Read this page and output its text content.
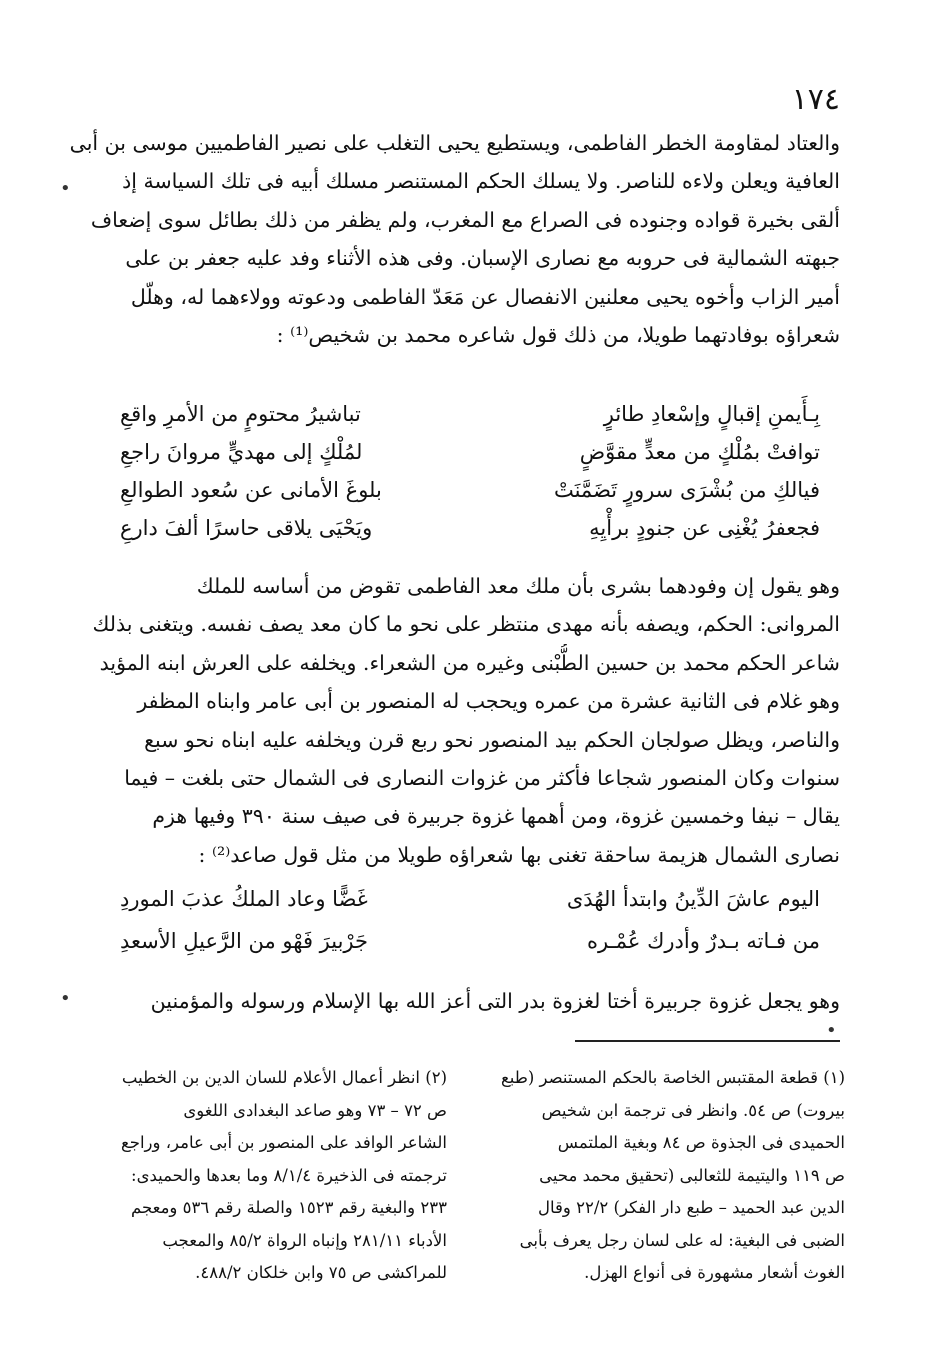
١٧٤
والعتاد لمقاومة الخطر الفاطمى، ويستطيع يحيى التغلب على نصير الفاطميين موسى بن أبى
العافية ويعلن ولاءه للناصر. ولا يسلك الحكم المستنصر مسلك أبيه فى تلك السياسة إذ
ألقى بخيرة قواده وجنوده فى الصراع مع المغرب، ولم يظفر من ذلك بطائل سوى إضعاف
جبهته الشمالية فى حروبه مع نصارى الإسبان. وفى هذه الأثناء وفد عليه جعفر بن على
أمير الزاب وأخوه يحيى معلنين الانفصال عن مَعَدّ الفاطمى ودعوته وولاءهما له، وهلّل
شعراؤه بوفادتهما طويلا، من ذلك قول شاعره محمد بن شخيص⁽¹⁾ :
بِـأَيمنِ إقبالٍ وإسْعادِ طائرٍ
تباشيرُ محتومٍ من الأمرِ واقعِ
توافتْ بمُلْكٍ من معدٍّ مقوَّضٍ
لمُلْكٍ إلى مهديٍّ مروانَ راجعِ
فيالكِ من بُشْرَى سرورٍ تَضَمَّنَتْ
بلوغَ الأمانى عن سُعود الطوالعِ
فجعفرُ يُغْنِى عن جنودٍ برأْيِهِ
ويَحْيَى يلاقى حاسرًا ألفَ دارعِ
وهو يقول إن وفودهما بشرى بأن ملك معد الفاطمى تقوض من أساسه للملك
المروانى: الحكم، ويصفه بأنه مهدى منتظر على نحو ما كان معد يصف نفسه. ويتغنى بذلك
شاعر الحكم محمد بن حسين الطُّبْنى وغيره من الشعراء. ويخلفه على العرش ابنه المؤيد
وهو غلام فى الثانية عشرة من عمره ويحجب له المنصور بن أبى عامر وابناه المظفر
والناصر، ويظل صولجان الحكم بيد المنصور نحو ربع قرن ويخلفه عليه ابناه نحو سبع
سنوات وكان المنصور شجاعا فأكثر من غزوات النصارى فى الشمال حتى بلغت – فيما
يقال – نيفا وخمسين غزوة، ومن أهمها غزوة جربيرة فى صيف سنة ٣٩٠ وفيها هزم
نصارى الشمال هزيمة ساحقة تغنى بها شعراؤه طويلا من مثل قول صاعد⁽²⁾ :
اليوم عاشَ الدِّينُ وابتدأ الهُدَى
غَضًّا وعاد الملكُ عذبَ الموردِ
من فـاته بـدرٌ وأدرك عُمْـره
جَرْبيرَ فَهْو من الرَّعيلِ الأسعدِ
وهو يجعل غزوة جربيرة أختا لغزوة بدر التى أعز الله بها الإسلام ورسوله والمؤمنين
(١) قطعة المقتبس الخاصة بالحكم المستنصر (طبع
بيروت) ص ٥٤. وانظر فى ترجمة ابن شخيص
الحميدى فى الجذوة ص ٨٤ وبغية الملتمس
ص ١١٩ واليتيمة للثعالبى (تحقيق محمد محيى
الدين عبد الحميد – طبع دار الفكر) ٢٢/٢ وقال
الضبى فى البغية: له على لسان رجل يعرف بأبى
الغوث أشعار مشهورة فى أنواع الهزل.
(٢) انظر أعمال الأعلام للسان الدين بن الخطيب
ص ٧٢ – ٧٣ وهو صاعد البغدادى اللغوى
الشاعر الوافد على المنصور بن أبى عامر، وراجع
ترجمته فى الذخيرة ٨/١/٤ وما بعدها والحميدى:
٢٣٣ والبغية رقم ١٥٢٣ والصلة رقم ٥٣٦ ومعجم
الأدباء ٢٨١/١١ وإنباه الرواة ٨٥/٢ والمعجب
للمراكشى ص ٧٥ وابن خلكان ٤٨٨/٢.
•
•
•
